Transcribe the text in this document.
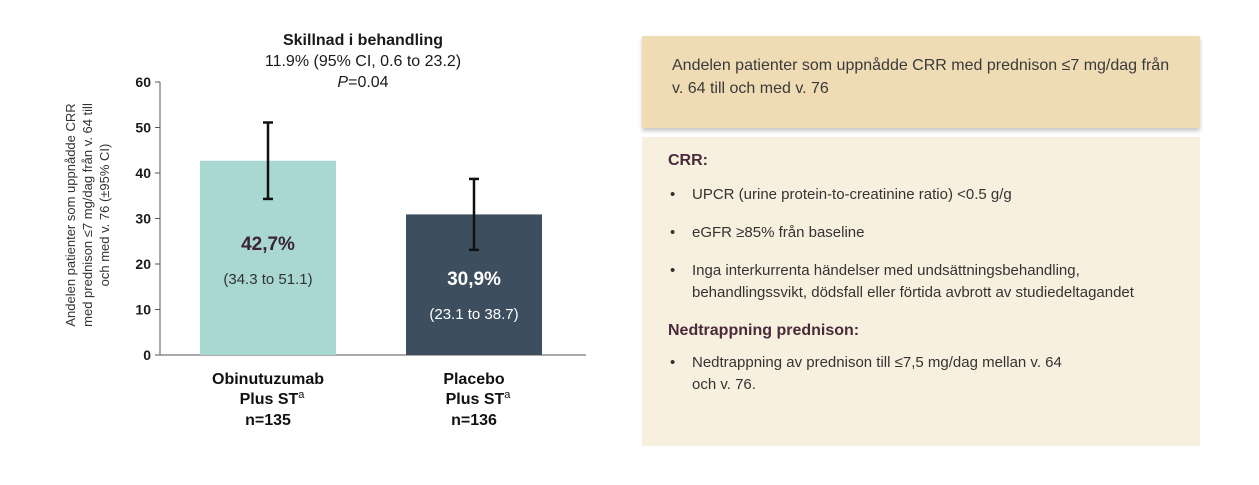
Skillnad i behandling
11.9% (95% CI, 0.6 to 23.2)
P=0.04
Andelen patienter som uppnådde CRR med prednison ≤7 mg/dag från v. 64 till och med v. 76 (±95% CI)
0
10
20
30
40
50
60
42,7%
(34.3 to 51.1)	30,9%
(23.1 to 38.7)
Obinutuzumab
Plus $ST^a$
n=135
Placebo
Plus $ST^a$
n=136
Andelen patienter som uppnådde CRR med prednison ≤7 mg/dag från v. 64 till och med v. 76
CRR:
• UPCR (urine protein-to-creatinine ratio) <0.5 g/g
• eGFR ≥85% från baseline
• Inga interkurrenta händelser med undsättningsbehandling, behandlingssvikt, dödsfall eller förtida avbrott av studiedeltagandet
Nedtrappning prednison:
• Nedtrappning av prednison till ≤7,5 mg/dag mellan v. 64 och v. 76.
